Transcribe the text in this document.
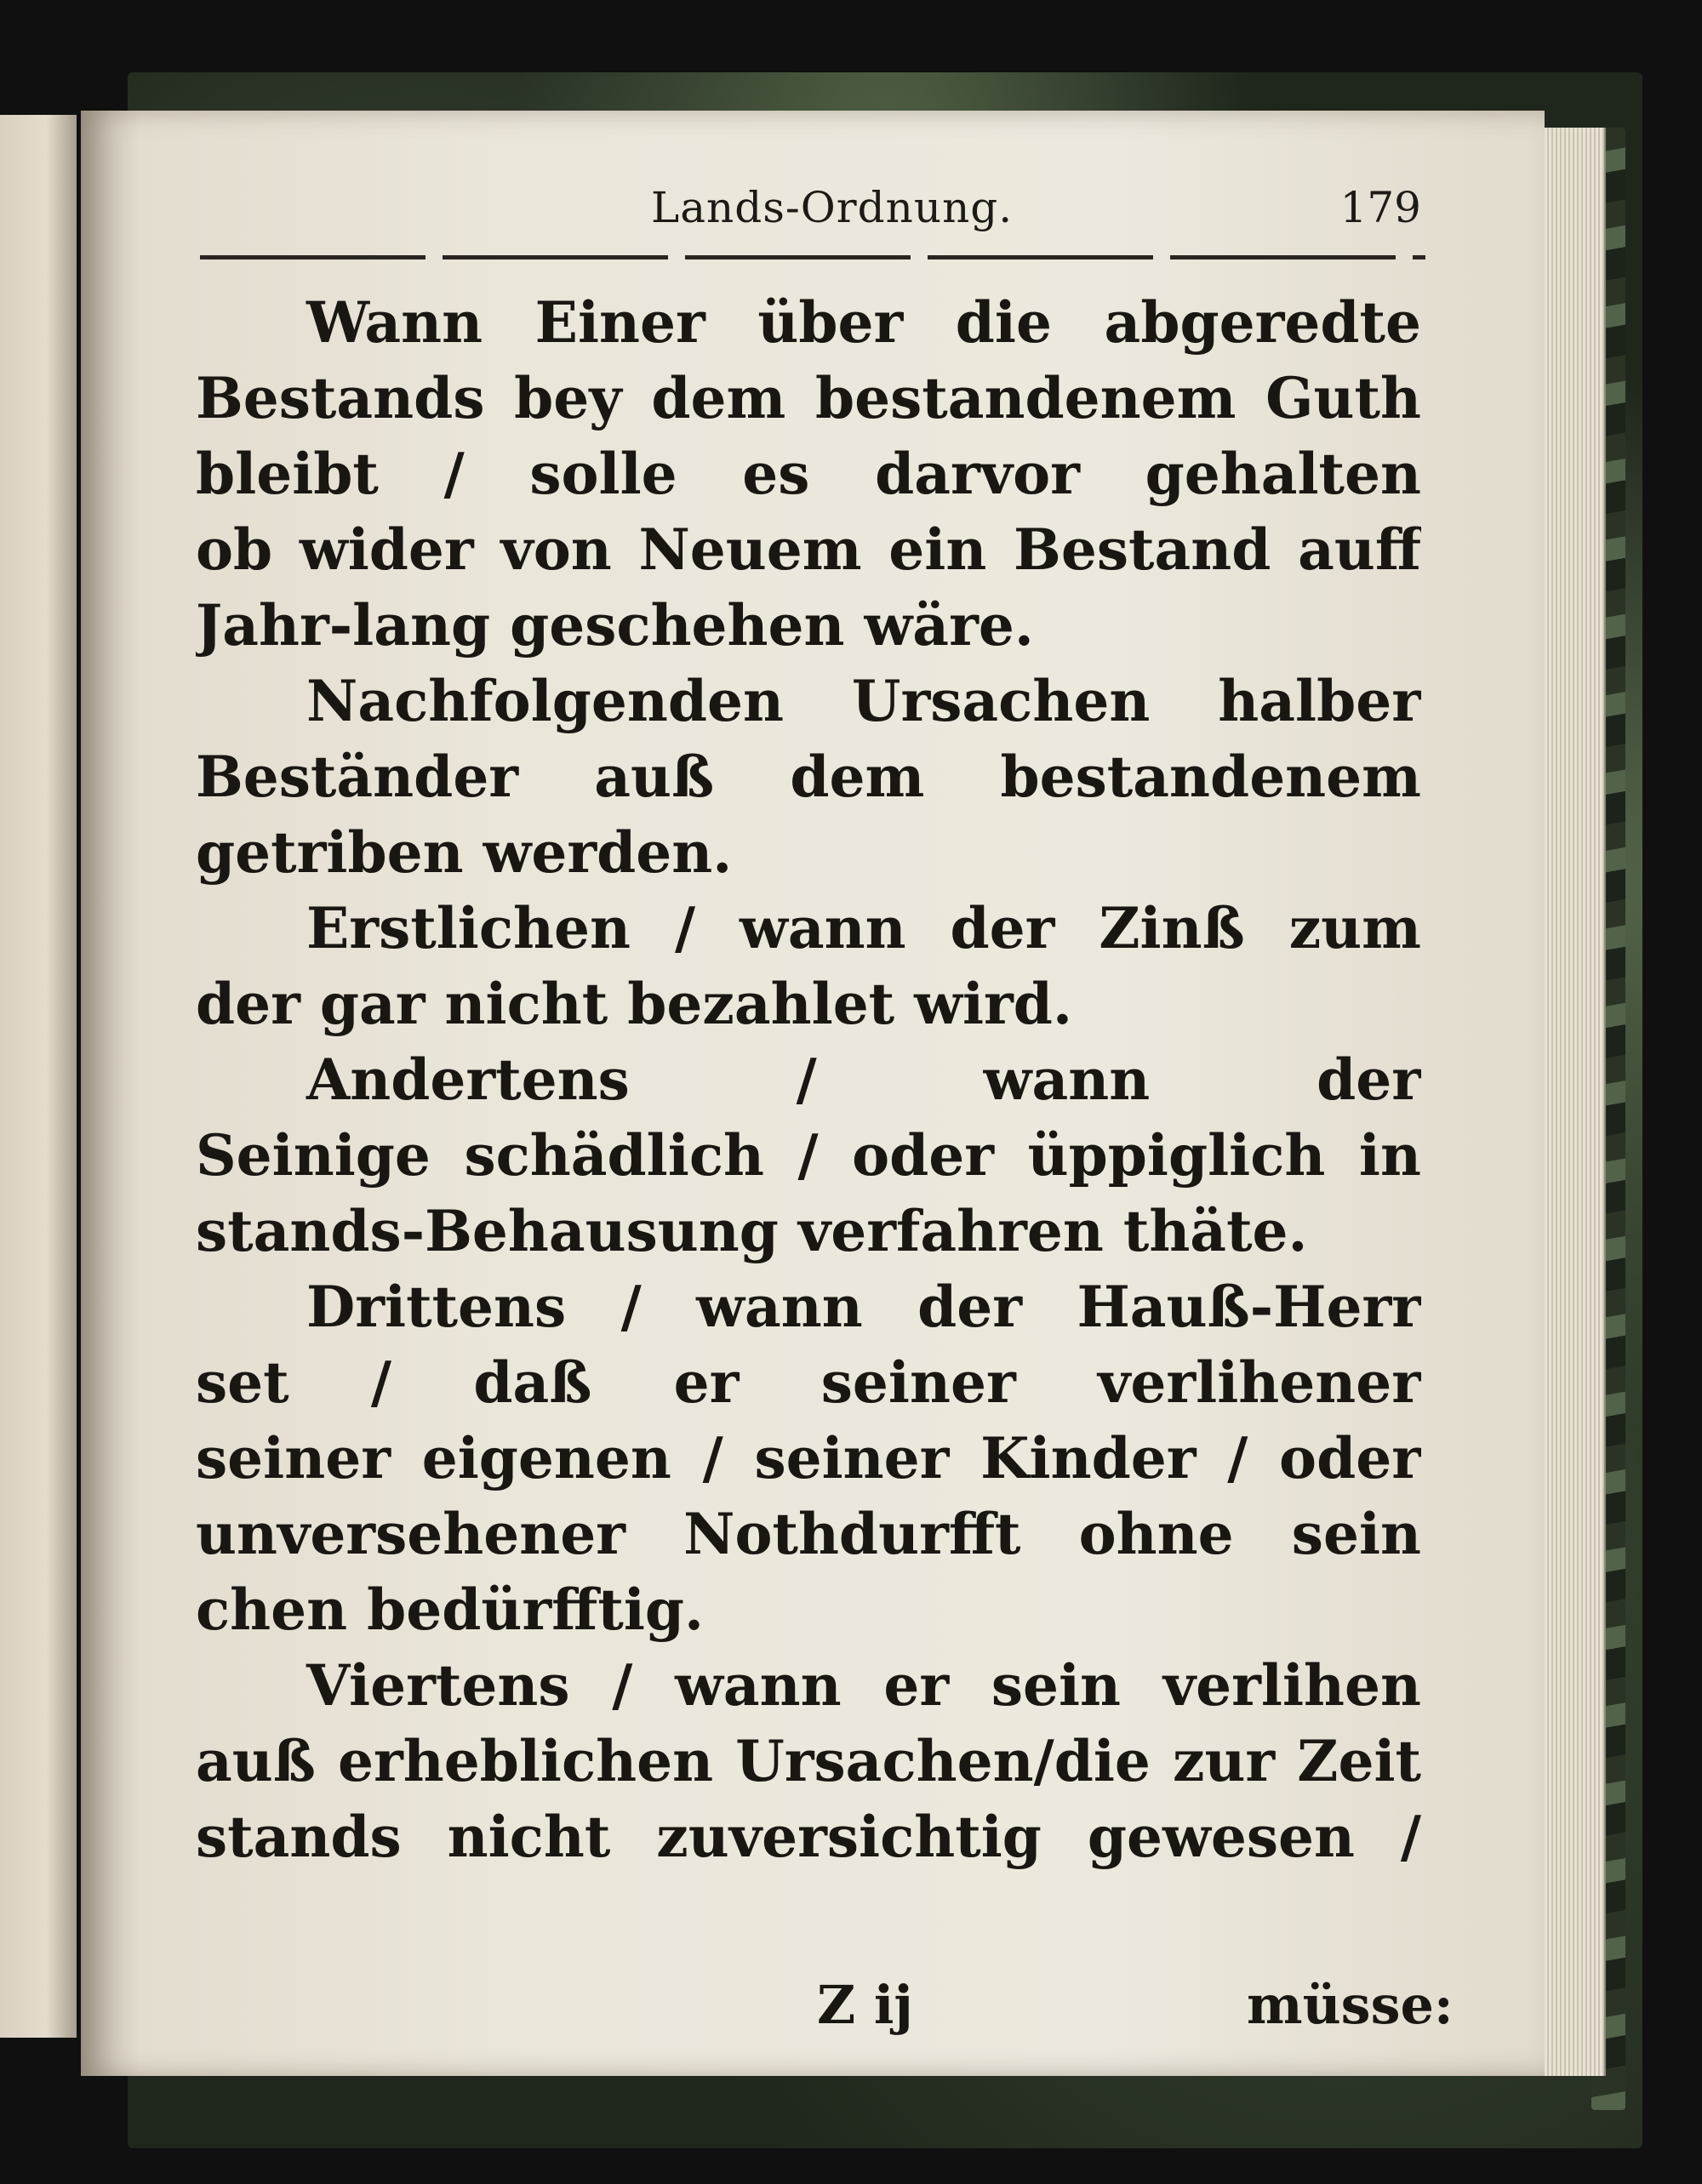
Lands-Ordnung.	179
Wann Einer über die abgeredte
Bestands bey dem bestandenem Guth
bleibt / solle es darvor gehalten
ob wider von Neuem ein Bestand auff
Jahr-lang geschehen wäre.
Nachfolgenden Ursachen halber
Beständer auß dem bestandenem
getriben werden.
Erstlichen / wann der Zinß zum
der gar nicht bezahlet wird.
Andertens / wann der
Seinige schädlich / oder üppiglich in
stands-Behausung verfahren thäte.
Drittens / wann der Hauß-Herr
set / daß er seiner verlihener
seiner eigenen / seiner Kinder / oder
unversehener Nothdurfft ohne sein
chen bedürfftig.
Viertens / wann er sein verlihen
auß erheblichen Ursachen/die zur Zeit
stands nicht zuversichtig gewesen /
Z ij	müsse:
